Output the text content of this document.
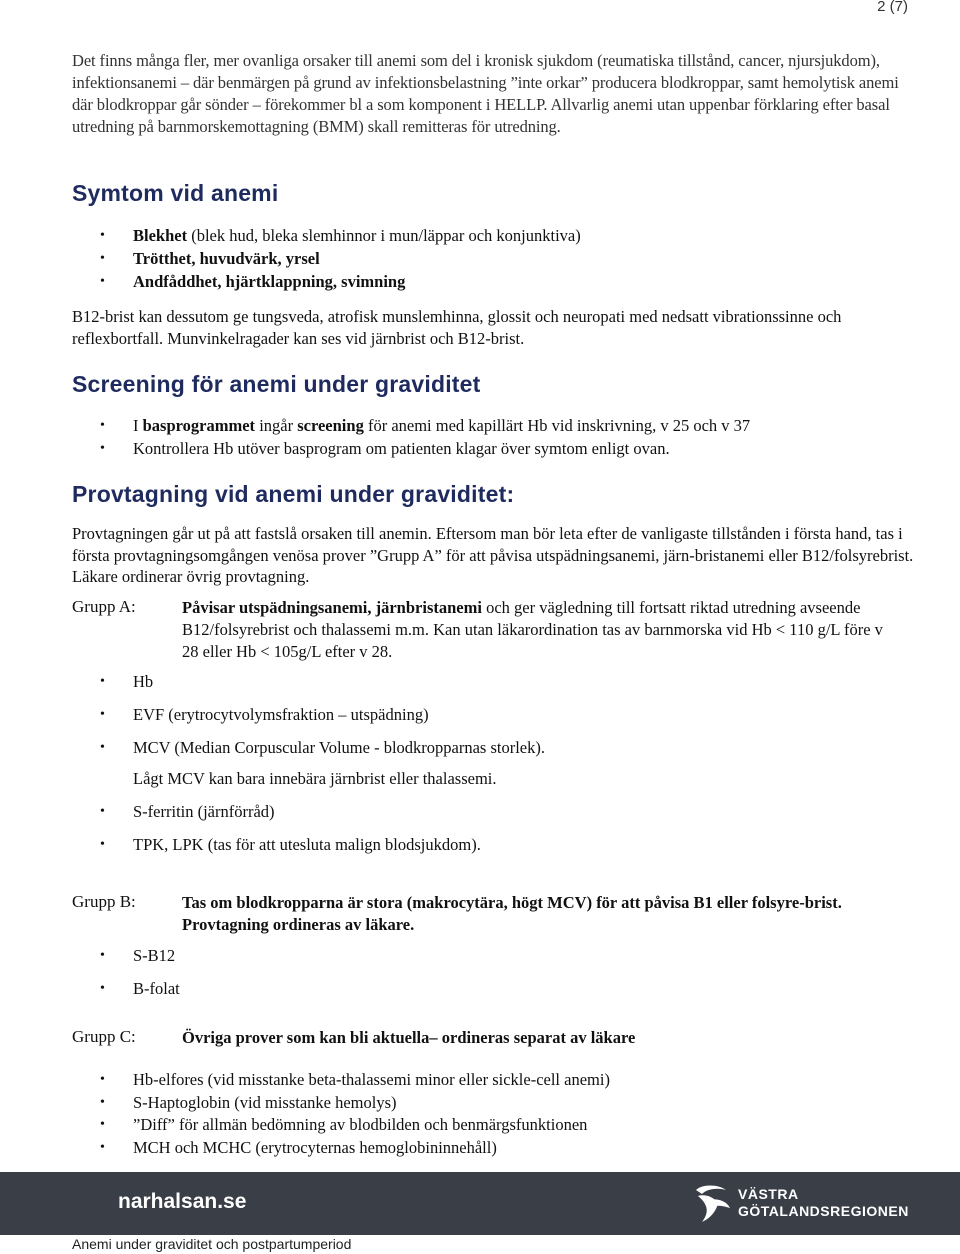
2 (7)

Det finns många fler, mer ovanliga orsaker till anemi som del i kronisk sjukdom (reumatiska tillstånd, cancer, njursjukdom), infektionsanemi – där benmärgen på grund av infektionsbelastning ”inte orkar” producera blodkroppar, samt hemolytisk anemi där blodkroppar går sönder – förekommer bl a som komponent i HELLP. Allvarlig anemi utan uppenbar förklaring efter basal utredning på barnmorskemottagning (BMM) skall remitteras för utredning.

Symtom vid anemi
• Blekhet (blek hud, bleka slemhinnor i mun/läppar och konjunktiva)
• Trötthet, huvudvärk, yrsel
• Andfåddhet, hjärtklappning, svimning

B12-brist kan dessutom ge tungsveda, atrofisk munslemhinna, glossit och neuropati med nedsatt vibrationssinne och reflexbortfall. Munvinkelragader kan ses vid järnbrist och B12-brist.

Screening för anemi under graviditet
• I basprogrammet ingår screening för anemi med kapillärt Hb vid inskrivning, v 25 och v 37
• Kontrollera Hb utöver basprogram om patienten klagar över symtom enligt ovan.
Provtagning vid anemi under graviditet:

Provtagningen går ut på att fastslå orsaken till anemin. Eftersom man bör leta efter de vanligaste tillstånden i första hand, tas i första provtagningsomgången venösa prover ”Grupp A” för att påvisa utspädningsanemi, järn-bristanemi eller B12/folsyrebrist. Läkare ordinerar övrig provtagning.

Grupp A:	Påvisar utspädningsanemi, järnbristanemi och ger vägledning till fortsatt riktad utredning avseende B12/folsyrebrist och thalassemi m.m. Kan utan läkarordination tas av barnmorska vid Hb < 110 g/L före v 28 eller Hb < 105g/L efter v 28.
• Hb
• EVF (erytrocytvolymsfraktion – utspädning)
• MCV (Median Corpuscular Volume - blodkropparnas storlek).
Lågt MCV kan bara innebära järnbrist eller thalassemi.
• S-ferritin (järnförråd)
• TPK, LPK (tas för att utesluta malign blodsjukdom).
Grupp B:	Tas om blodkropparna är stora (makrocytära, högt MCV) för att påvisa B1 eller folsyre-brist. Provtagning ordineras av läkare.
• S-B12
• B-folat
Grupp C:	Övriga prover som kan bli aktuella– ordineras separat av läkare
• Hb-elfores (vid misstanke beta-thalassemi minor eller sickle-cell anemi)
• S-Haptoglobin (vid misstanke hemolys)
• ”Diff” för allmän bedömning av blodbilden och benmärgsfunktionen
• MCH och MCHC (erytrocyternas hemoglobininnehåll)
narhalsan.se	VÄSTRA
GÖTALANDSREGIONEN
Anemi under graviditet och postpartumperiod
